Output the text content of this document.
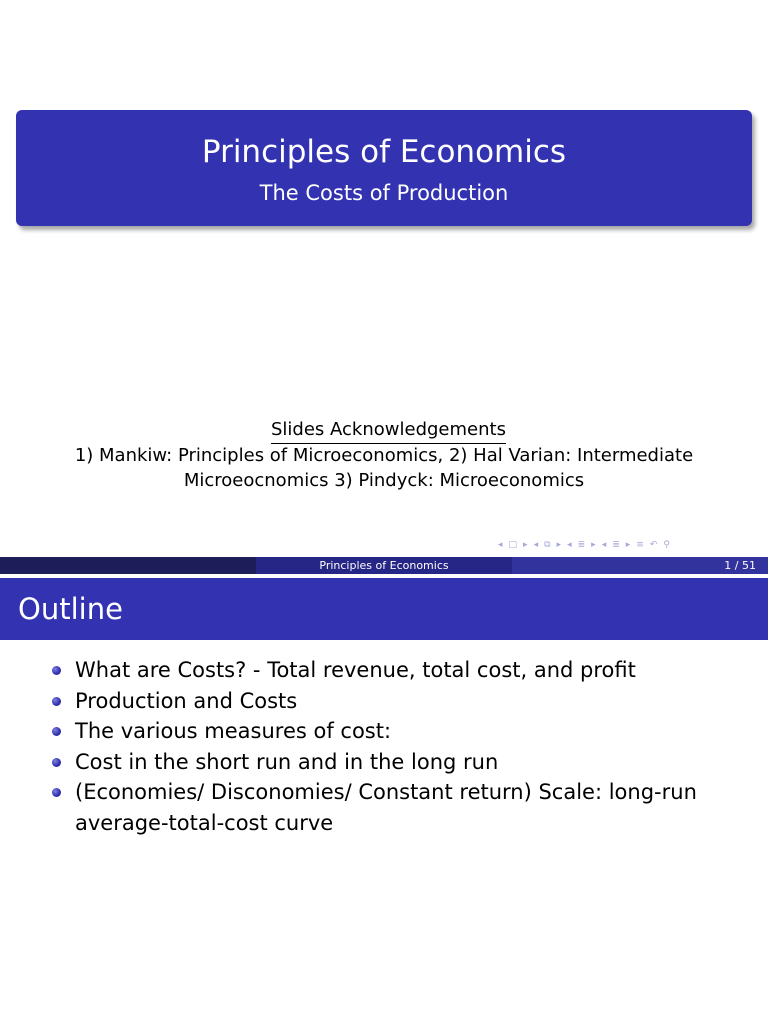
Principles of Economics
The Costs of Production
Slides Acknowledgements
1) Mankiw: Principles of Microeconomics, 2) Hal Varian: Intermediate Microeocnomics 3) Pindyck: Microeconomics
◂ □ ▸ ◂ ⧉ ▸ ◂ ≣ ▸ ◂ ≣ ▸ ≡ ↶ ⚲
Principles of Economics	1 / 51
Outline
What are Costs? - Total revenue, total cost, and profit
Production and Costs
The various measures of cost:
Cost in the short run and in the long run
(Economies/ Disconomies/ Constant return) Scale: long-run average-total-cost curve
